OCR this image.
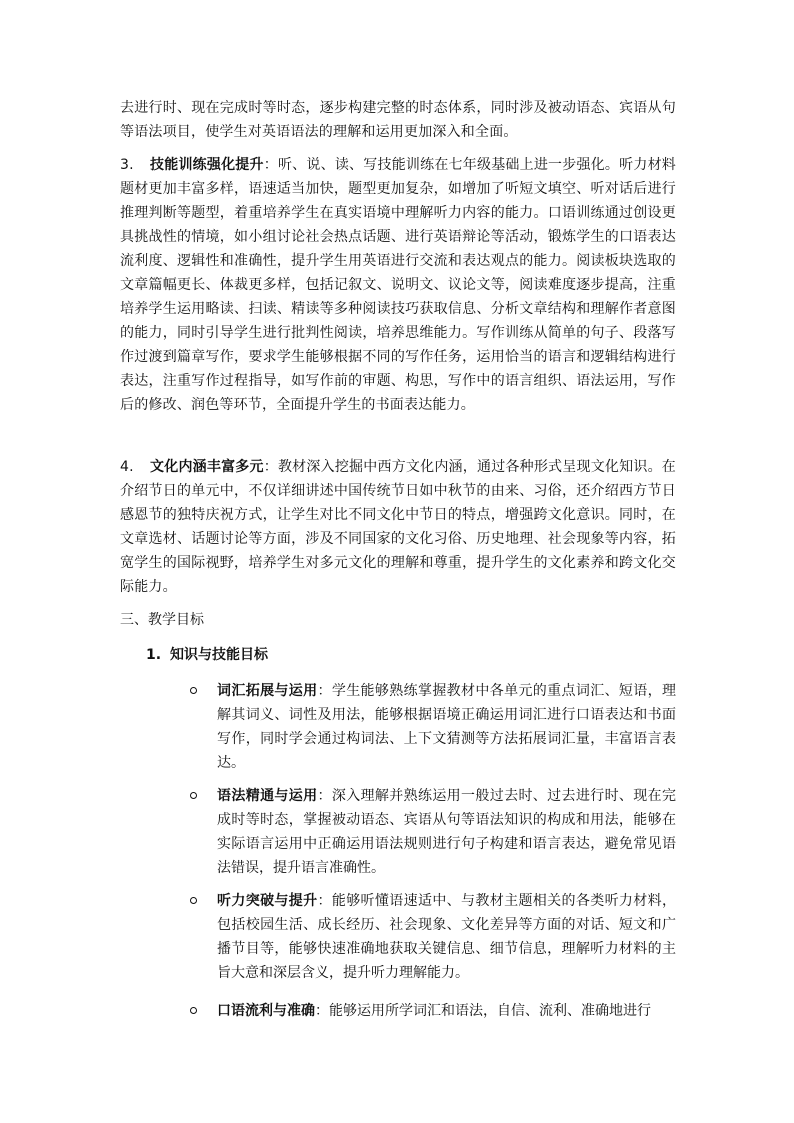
去进行时、现在完成时等时态，逐步构建完整的时态体系，同时涉及被动语态、宾语从句等语法项目，使学生对英语语法的理解和运用更加深入和全面。
3. 技能训练强化提升：听、说、读、写技能训练在七年级基础上进一步强化。听力材料题材更加丰富多样，语速适当加快，题型更加复杂，如增加了听短文填空、听对话后进行推理判断等题型，着重培养学生在真实语境中理解听力内容的能力。口语训练通过创设更具挑战性的情境，如小组讨论社会热点话题、进行英语辩论等活动，锻炼学生的口语表达流利度、逻辑性和准确性，提升学生用英语进行交流和表达观点的能力。阅读板块选取的文章篇幅更长、体裁更多样，包括记叙文、说明文、议论文等，阅读难度逐步提高，注重培养学生运用略读、扫读、精读等多种阅读技巧获取信息、分析文章结构和理解作者意图的能力，同时引导学生进行批判性阅读，培养思维能力。写作训练从简单的句子、段落写作过渡到篇章写作，要求学生能够根据不同的写作任务，运用恰当的语言和逻辑结构进行表达，注重写作过程指导，如写作前的审题、构思，写作中的语言组织、语法运用，写作后的修改、润色等环节，全面提升学生的书面表达能力。
4. 文化内涵丰富多元：教材深入挖掘中西方文化内涵，通过各种形式呈现文化知识。在介绍节日的单元中，不仅详细讲述中国传统节日如中秋节的由来、习俗，还介绍西方节日感恩节的独特庆祝方式，让学生对比不同文化中节日的特点，增强跨文化意识。同时，在文章选材、话题讨论等方面，涉及不同国家的文化习俗、历史地理、社会现象等内容，拓宽学生的国际视野，培养学生对多元文化的理解和尊重，提升学生的文化素养和跨文化交际能力。
三、教学目标
1. 知识与技能目标
词汇拓展与运用：学生能够熟练掌握教材中各单元的重点词汇、短语，理解其词义、词性及用法，能够根据语境正确运用词汇进行口语表达和书面写作，同时学会通过构词法、上下文猜测等方法拓展词汇量，丰富语言表达。
语法精通与运用：深入理解并熟练运用一般过去时、过去进行时、现在完成时等时态，掌握被动语态、宾语从句等语法知识的构成和用法，能够在实际语言运用中正确运用语法规则进行句子构建和语言表达，避免常见语法错误，提升语言准确性。
听力突破与提升：能够听懂语速适中、与教材主题相关的各类听力材料，包括校园生活、成长经历、社会现象、文化差异等方面的对话、短文和广播节目等，能够快速准确地获取关键信息、细节信息，理解听力材料的主旨大意和深层含义，提升听力理解能力。
口语流利与准确：能够运用所学词汇和语法，自信、流利、准确地进行
